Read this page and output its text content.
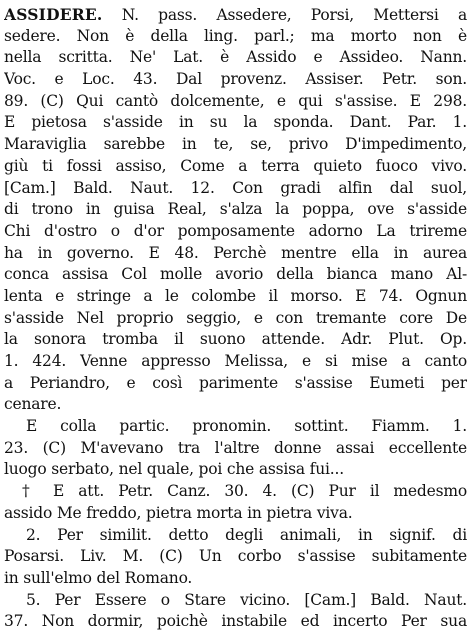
ASSIDERE. N. pass. Assedere, Porsi, Mettersi a
sedere. Non è della ling. parl.; ma morto non è
nella scritta. Ne' Lat. è Assido e Assideo. Nann.
Voc. e Loc. 43. Dal provenz. Assiser. Petr. son.
89. (C) Qui cantò dolcemente, e qui s'assise. E 298.
E pietosa s'asside in su la sponda. Dant. Par. 1.
Maraviglia sarebbe in te, se, privo D'impedimento,
giù ti fossi assiso, Come a terra quieto fuoco vivo.
[Cam.] Bald. Naut. 12. Con gradi alfin dal suol,
di trono in guisa Real, s'alza la poppa, ove s'asside
Chi d'ostro o d'or pomposamente adorno La trireme
ha in governo. E 48. Perchè mentre ella in aurea
conca assisa Col molle avorio della bianca mano Al-
lenta e stringe a le colombe il morso. E 74. Ognun
s'asside Nel proprio seggio, e con tremante core De
la sonora tromba il suono attende. Adr. Plut. Op.
1. 424. Venne appresso Melissa, e si mise a canto
a Periandro, e così parimente s'assise Eumeti per
cenare.
E colla partic. pronomin. sottint. Fiamm. 1.
23. (C) M'avevano tra l'altre donne assai eccellente
luogo serbato, nel quale, poi che assisa fui...
† E att. Petr. Canz. 30. 4. (C) Pur il medesmo
assido Me freddo, pietra morta in pietra viva.
2. Per similit. detto degli animali, in signif. di
Posarsi. Liv. M. (C) Un corbo s'assise subitamente
in sull'elmo del Romano.
5. Per Essere o Stare vicino. [Cam.] Bald. Naut.
37. Non dormir, poichè instabile ed incerto Per sua
